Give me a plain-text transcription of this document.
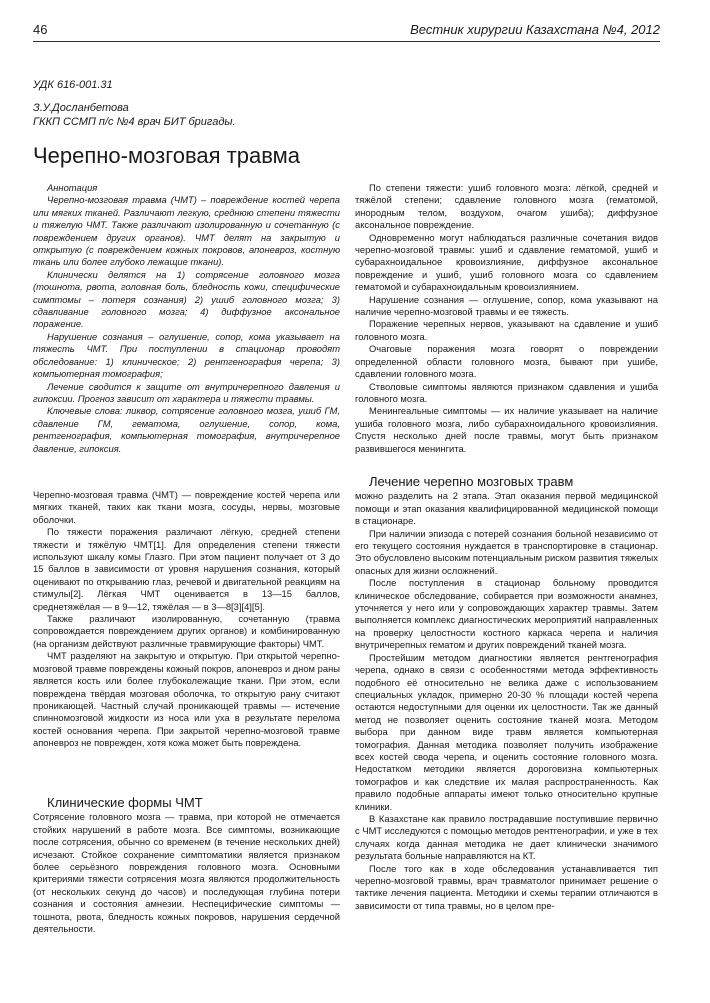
46	Вестник хирургии Казахстана №4, 2012
УДК 616-001.31
З.У.Досланбетова
ГККП ССМП п/с №4 врач БИТ бригады.
Черепно-мозговая травма

Аннотация

Черепно-мозговая травма (ЧМТ) – повреждение костей черепа или мягких тканей. Различают легкую, среднюю степени тяжести и тяжелую ЧМТ. Также различают изолированную и сочетанную (с повреждением других органов). ЧМТ делят на закрытую и открытую (с повреждением кожных покровов, апоневроз, костную ткань или более глубоко лежащие ткани).

Клинически делятся на 1) сотрясение головного мозга (тошнота, рвота, головная боль, бледность кожи, специфические симптомы – потеря сознания) 2) ушиб головного мозга; 3) сдавливание головного мозга; 4) диффузное аксональное поражение.

Нарушение сознания – оглушение, сопор, кома указывает на тяжесть ЧМТ. При поступлении в стационар проводят обследование: 1) клиническое; 2) рентгенография черепа; 3) компьютерная томография;

Лечение сводится к защите от внутричерепного давления и гипоксии. Прогноз зависит от характера и тяжести травмы.

Ключевые слова: ликвор, сотрясение головного мозга, ушиб ГМ, сдавление ГМ, гематома, оглушение, сопор, кома, рентгенография, компьютерная томография, внутричерепное давление, гипоксия.

Черепно-мозговая травма (ЧМТ) — повреждение костей черепа или мягких тканей, таких как ткани мозга, сосуды, нервы, мозговые оболочки.

По тяжести поражения различают лёгкую, средней степени тяжести и тяжёлую ЧМТ[1]. Для определения степени тяжести используют шкалу комы Глазго. При этом пациент получает от 3 до 15 баллов в зависимости от уровня нарушения сознания, который оценивают по открыванию глаз, речевой и двигательной реакциям на стимулы[2]. Лёгкая ЧМТ оценивается в 13—15 баллов, среднетяжёлая — в 9—12, тяжёлая — в 3—8[3][4][5].

Также различают изолированную, сочетанную (травма сопровождается повреждением других органов) и комбинированную (на организм действуют различные травмирующие факторы) ЧМТ.

ЧМТ разделяют на закрытую и открытую. При открытой черепно-мозговой травме повреждены кожный покров, апоневроз и дном раны является кость или более глубоколежащие ткани. При этом, если повреждена твёрдая мозговая оболочка, то открытую рану считают проникающей. Частный случай проникающей травмы — истечение спинномозговой жидкости из носа или уха в результате перелома костей основания черепа. При закрытой черепно-мозговой травме апоневроз не поврежден, хотя кожа может быть повреждена.

Клинические формы ЧМТ

Сотрясение головного мозга — травма, при которой не отмечается стойких нарушений в работе мозга. Все симптомы, возникающие после сотрясения, обычно со временем (в течение нескольких дней) исчезают. Стойкое сохранение симптоматики является признаком более серьёзного повреждения головного мозга. Основными критериями тяжести сотрясения мозга являются продолжительность (от нескольких секунд до часов) и последующая глубина потери сознания и состояния амнезии. Неспецифические симптомы — тошнота, рвота, бледность кожных покровов, нарушения сердечной деятельности.

По степени тяжести: ушиб головного мозга: лёгкой, средней и тяжёлой степени; сдавление головного мозга (гематомой, инородным телом, воздухом, очагом ушиба); диффузное аксональное повреждение.

Одновременно могут наблюдаться различные сочетания видов черепно-мозговой травмы: ушиб и сдавление гематомой, ушиб и субарахноидальное кровоизлияние, диффузное аксональное повреждение и ушиб, ушиб головного мозга со сдавлением гематомой и субарахноидальным кровоизлиянием.

Нарушение сознания — оглушение, сопор, кома указывают на наличие черепно-мозговой травмы и ее тяжесть.

Поражение черепных нервов, указывают на сдавление и ушиб головного мозга.

Очаговые поражения мозга говорят о повреждении определенной области головного мозга, бывают при ушибе, сдавлении головного мозга.

Стволовые симптомы являются признаком сдавления и ушиба головного мозга.

Менингеальные симптомы — их наличие указывает на наличие ушиба головного мозга, либо субарахноидального кровоизлияния. Спустя несколько дней после травмы, могут быть признаком развившегося менингита.

Лечение черепно мозговых травм

можно разделить на 2 этапа. Этап оказания первой медицинской помощи и этап оказания квалифицированной медицинской помощи в стационаре.

При наличии эпизода с потерей сознания больной независимо от его текущего состояния нуждается в транспортировке в стационар. Это обусловлено высоким потенциальным риском развития тяжелых опасных для жизни осложнений.

После поступления в стационар больному проводится клиническое обследование, собирается при возможности анамнез, уточняется у него или у сопровождающих характер травмы. Затем выполняется комплекс диагностических мероприятий направленных на проверку целостности костного каркаса черепа и наличия внутричерепных гематом и других повреждений тканей мозга.

Простейшим методом диагностики является рентгенография черепа, однако в связи с особенностями метода эффективность подобного её относительно не велика даже с использованием специальных укладок, примерно 20-30 % площади костей черепа остаются недоступными для оценки их целостности. Так же данный метод не позволяет оценить состояние тканей мозга. Методом выбора при данном виде травм является компьютерная томография. Данная методика позволяет получить изображение всех костей свода черепа, и оценить состояние головного мозга. Недостатком методики является дороговизна компьютерных томографов и как следствие их малая распространенность. Как правило подобные аппараты имеют только относительно крупные клиники.

В Казахстане как правило пострадавшие поступившие первично с ЧМТ исследуются с помощью методов рентгенографии, и уже в тех случаях когда данная методика не дает клинически значимого результата больные направляются на КТ.

После того как в ходе обследования устанавливается тип черепно-мозговой травмы, врач травматолог принимает решение о тактике лечения пациента. Методики и схемы терапии отличаются в зависимости от типа травмы, но в целом пре-
